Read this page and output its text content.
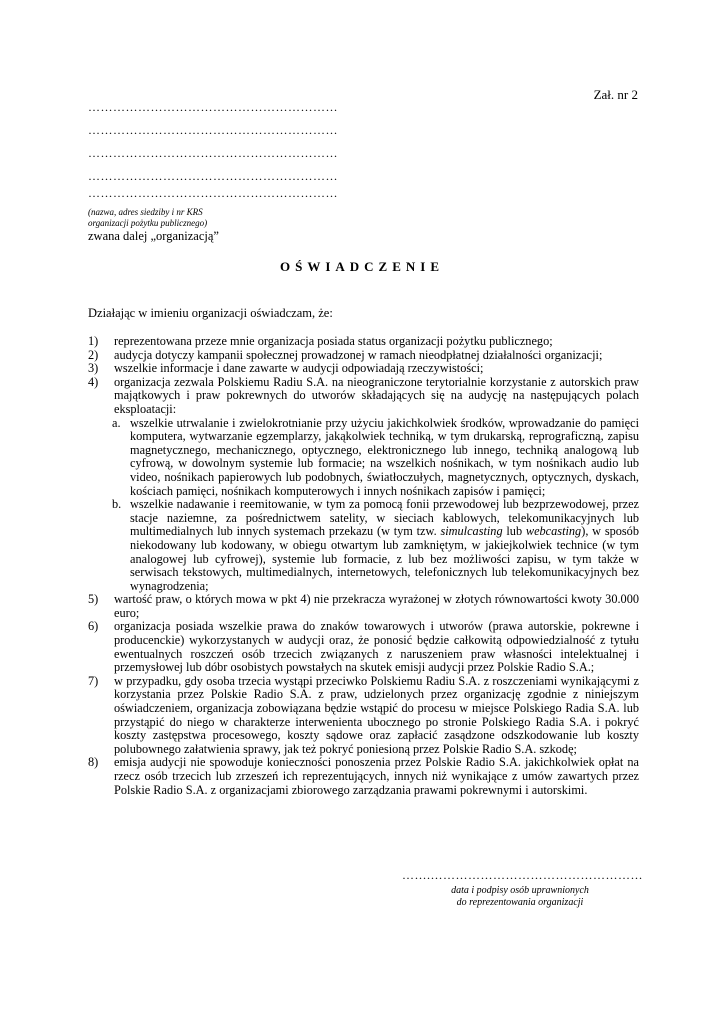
Zał. nr 2
……………………………………………………
……………………………………………………
……………………………………………………
……………………………………………………
……………………………………………………
(nazwa, adres siedziby i nr KRS
organizacji pożytku publicznego)
zwana dalej „organizacją”
OŚWIADCZENIE
Działając w imieniu organizacji oświadczam, że:
1)	reprezentowana przeze mnie organizacja posiada status organizacji pożytku publicznego;
2)	audycja dotyczy kampanii społecznej prowadzonej w ramach nieodpłatnej działalności organizacji;
3)	wszelkie informacje i dane zawarte w audycji odpowiadają rzeczywistości;
4)	organizacja zezwala Polskiemu Radiu S.A. na nieograniczone terytorialnie korzystanie z autorskich praw majątkowych i praw pokrewnych do utworów składających się na audycję na następujących polach eksploatacji:
a. wszelkie utrwalanie i zwielokrotnianie przy użyciu jakichkolwiek środków, wprowadzanie do pamięci komputera, wytwarzanie egzemplarzy, jakąkolwiek techniką, w tym drukarską, reprograficzną, zapisu magnetycznego, mechanicznego, optycznego, elektronicznego lub innego, techniką analogową lub cyfrową, w dowolnym systemie lub formacie; na wszelkich nośnikach, w tym nośnikach audio lub video, nośnikach papierowych lub podobnych, światłoczułych, magnetycznych, optycznych, dyskach, kościach pamięci, nośnikach komputerowych i innych nośnikach zapisów i pamięci;
b. wszelkie nadawanie i reemitowanie, w tym za pomocą fonii przewodowej lub bezprzewodowej, przez stacje naziemne, za pośrednictwem satelity, w sieciach kablowych, telekomunikacyjnych lub multimedialnych lub innych systemach przekazu (w tym tzw. simulcasting lub webcasting), w sposób niekodowany lub kodowany, w obiegu otwartym lub zamkniętym, w jakiejkolwiek technice (w tym analogowej lub cyfrowej), systemie lub formacie, z lub bez możliwości zapisu, w tym także w serwisach tekstowych, multimedialnych, internetowych, telefonicznych lub telekomunikacyjnych bez wynagrodzenia;
5)	wartość praw, o których mowa w pkt 4) nie przekracza wyrażonej w złotych równowartości kwoty 30.000 euro;
6)	organizacja posiada wszelkie prawa do znaków towarowych i utworów (prawa autorskie, pokrewne i producenckie) wykorzystanych w audycji oraz, że ponosić będzie całkowitą odpowiedzialność z tytułu ewentualnych roszczeń osób trzecich związanych z naruszeniem praw własności intelektualnej i przemysłowej lub dóbr osobistych powstałych na skutek emisji audycji przez Polskie Radio S.A.;
7)	w przypadku, gdy osoba trzecia wystąpi przeciwko Polskiemu Radiu S.A. z roszczeniami wynikającymi z korzystania przez Polskie Radio S.A. z praw, udzielonych przez organizację zgodnie z niniejszym oświadczeniem, organizacja zobowiązana będzie wstąpić do procesu w miejsce Polskiego Radia S.A. lub przystąpić do niego w charakterze interwenienta ubocznego po stronie Polskiego Radia S.A. i pokryć koszty zastępstwa procesowego, koszty sądowe oraz zapłacić zasądzone odszkodowanie lub koszty polubownego załatwienia sprawy, jak też pokryć poniesioną przez Polskie Radio S.A. szkodę;
8)	emisja audycji nie spowoduje konieczności ponoszenia przez Polskie Radio S.A. jakichkolwiek opłat na rzecz osób trzecich lub zrzeszeń ich reprezentujących, innych niż wynikające z umów zawartych przez Polskie Radio S.A. z organizacjami zbiorowego zarządzania prawami pokrewnymi i autorskimi.
…….……………………………………………
data i podpisy osób uprawnionych
do reprezentowania organizacji
